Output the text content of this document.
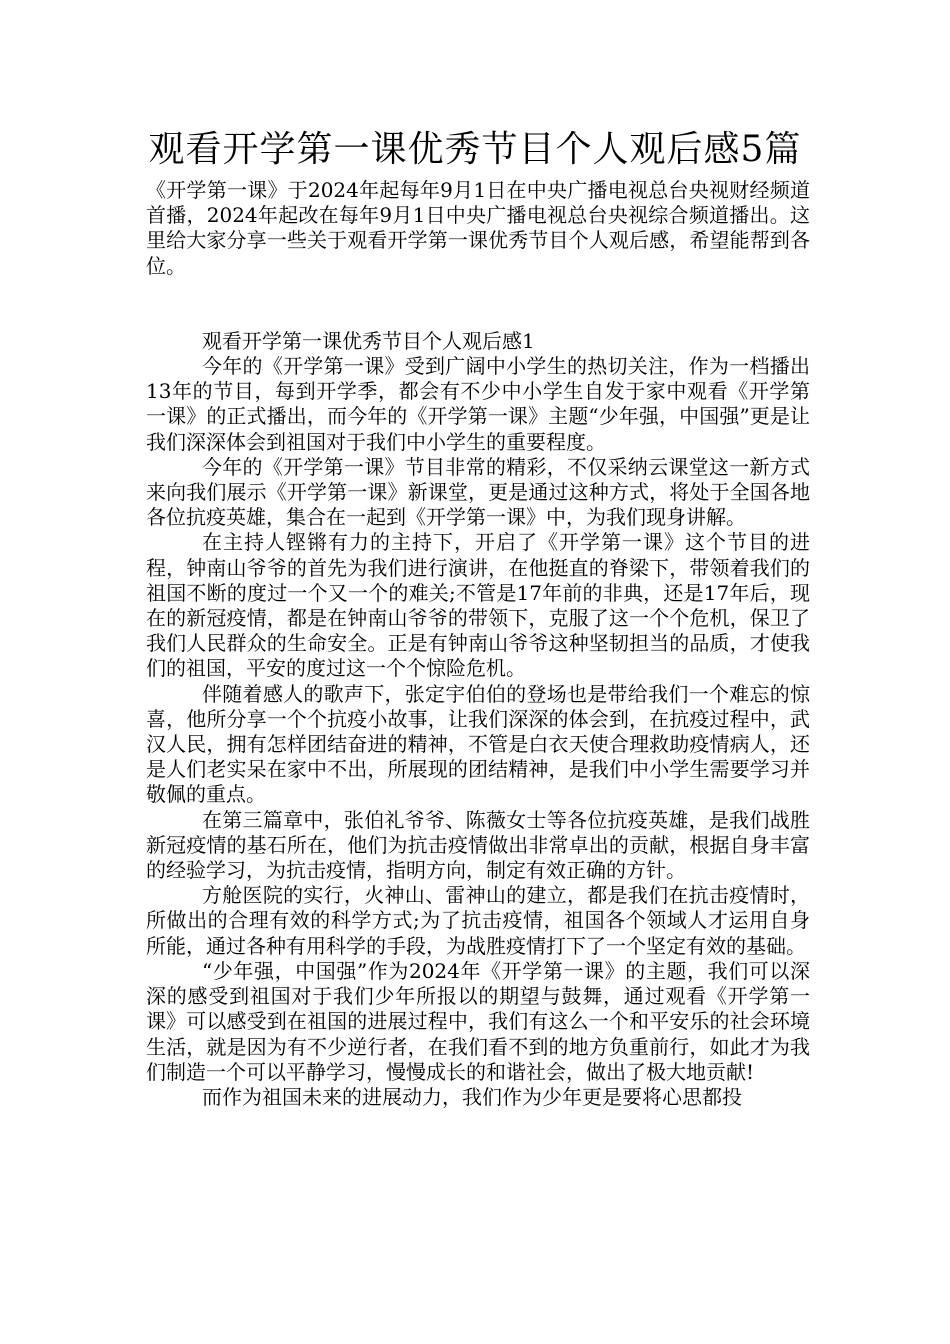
观看开学第一课优秀节目个人观后感5篇

《开学第一课》于2024年起每年9月1日在中央广播电视总台央视财经频道首播，2024年起改在每年9月1日中央广播电视总台央视综合频道播出。这里给大家分享一些关于观看开学第一课优秀节目个人观后感，希望能帮到各位。

观看开学第一课优秀节目个人观后感1

今年的《开学第一课》受到广阔中小学生的热切关注，作为一档播出13年的节目，每到开学季，都会有不少中小学生自发于家中观看《开学第一课》的正式播出，而今年的《开学第一课》主题“少年强，中国强”更是让我们深深体会到祖国对于我们中小学生的重要程度。

今年的《开学第一课》节目非常的精彩，不仅采纳云课堂这一新方式来向我们展示《开学第一课》新课堂，更是通过这种方式，将处于全国各地各位抗疫英雄，集合在一起到《开学第一课》中，为我们现身讲解。

在主持人铿锵有力的主持下，开启了《开学第一课》这个节目的进程，钟南山爷爷的首先为我们进行演讲，在他挺直的脊梁下，带领着我们的祖国不断的度过一个又一个的难关;不管是17年前的非典，还是17年后，现在的新冠疫情，都是在钟南山爷爷的带领下，克服了这一个个危机，保卫了我们人民群众的生命安全。正是有钟南山爷爷这种坚韧担当的品质，才使我们的祖国，平安的度过这一个个惊险危机。

伴随着感人的歌声下，张定宇伯伯的登场也是带给我们一个难忘的惊喜，他所分享一个个抗疫小故事，让我们深深的体会到，在抗疫过程中，武汉人民，拥有怎样团结奋进的精神，不管是白衣天使合理救助疫情病人，还是人们老实呆在家中不出，所展现的团结精神，是我们中小学生需要学习并敬佩的重点。

在第三篇章中，张伯礼爷爷、陈薇女士等各位抗疫英雄，是我们战胜新冠疫情的基石所在，他们为抗击疫情做出非常卓出的贡献，根据自身丰富的经验学习，为抗击疫情，指明方向，制定有效正确的方针。

方舱医院的实行，火神山、雷神山的建立，都是我们在抗击疫情时，所做出的合理有效的科学方式;为了抗击疫情，祖国各个领域人才运用自身所能，通过各种有用科学的手段，为战胜疫情打下了一个坚定有效的基础。

“少年强，中国强”作为2024年《开学第一课》的主题，我们可以深深的感受到祖国对于我们少年所报以的期望与鼓舞，通过观看《开学第一课》可以感受到在祖国的进展过程中，我们有这么一个和平安乐的社会环境生活，就是因为有不少逆行者，在我们看不到的地方负重前行，如此才为我们制造一个可以平静学习，慢慢成长的和谐社会，做出了极大地贡献!

而作为祖国未来的进展动力，我们作为少年更是要将心思都投
